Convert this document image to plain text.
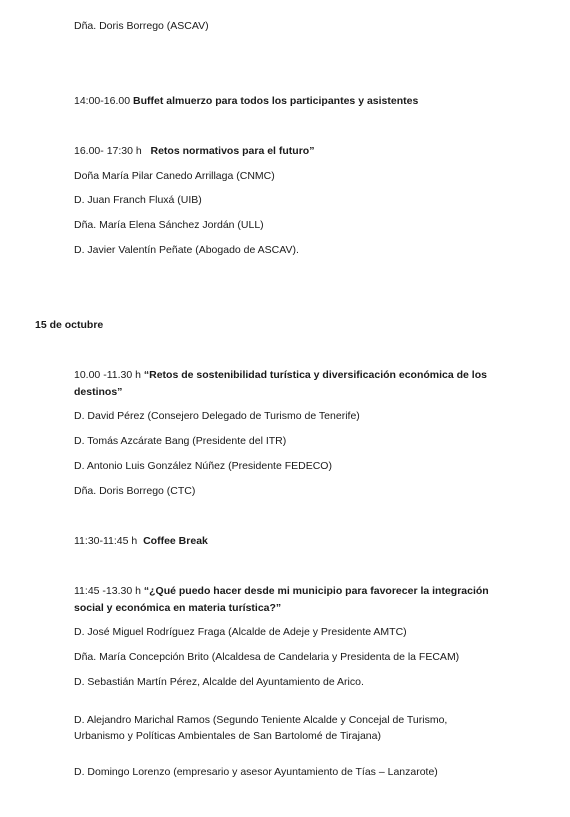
Dña. Doris Borrego (ASCAV)
14:00-16.00 Buffet almuerzo para todos los participantes y asistentes
16.00- 17:30 h Retos normativos para el futuro”
Doña María Pilar Canedo Arrillaga (CNMC)
D. Juan Franch Fluxá (UIB)
Dña. María Elena Sánchez Jordán (ULL)
D. Javier Valentín Peñate (Abogado de ASCAV).
15 de octubre
10.00 -11.30 h “Retos de sostenibilidad turística y diversificación económica de los
destinos”
D. David Pérez (Consejero Delegado de Turismo de Tenerife)
D. Tomás Azcárate Bang (Presidente del ITR)
D. Antonio Luis González Núñez (Presidente FEDECO)
Dña. Doris Borrego (CTC)
11:30-11:45 h Coffee Break
11:45 -13.30 h “¿Qué puedo hacer desde mi municipio para favorecer la integración
social y económica en materia turística?”
D. José Miguel Rodríguez Fraga (Alcalde de Adeje y Presidente AMTC)
Dña. María Concepción Brito (Alcaldesa de Candelaria y Presidenta de la FECAM)
D. Sebastián Martín Pérez, Alcalde del Ayuntamiento de Arico.
D. Alejandro Marichal Ramos (Segundo Teniente Alcalde y Concejal de Turismo,
Urbanismo y Políticas Ambientales de San Bartolomé de Tirajana)
D. Domingo Lorenzo (empresario y asesor Ayuntamiento de Tías – Lanzarote)
